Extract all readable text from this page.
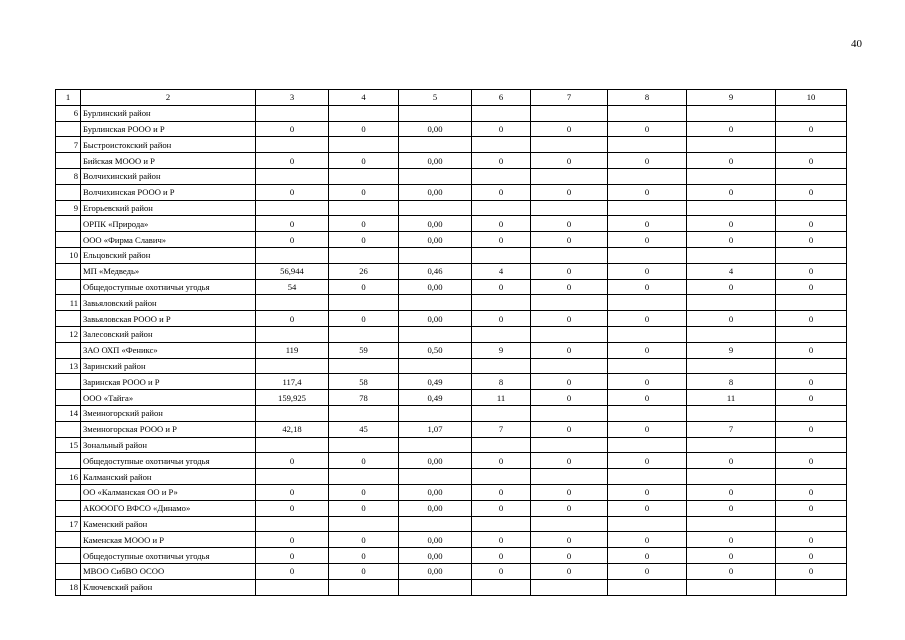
40
1	2	3	4	5	6	7	8	9	10
6	Бурлинский район								
	Бурлинская РООО и Р	0	0	0,00	0	0	0	0	0
7	Быстроистокский район								
	Бийская МООО и Р	0	0	0,00	0	0	0	0	0
8	Волчихинский район								
	Волчихинская РООО и Р	0	0	0,00	0	0	0	0	0
9	Егорьевский район								
	ОРПК «Природа»	0	0	0,00	0	0	0	0	0
	ООО «Фирма Славич»	0	0	0,00	0	0	0	0	0
10	Ельцовский район								
	МП «Медведь»	56,944	26	0,46	4	0	0	4	0
	Общедоступные охотничьи угодья	54	0	0,00	0	0	0	0	0
11	Завьяловский район								
	Завьяловская РООО и Р	0	0	0,00	0	0	0	0	0
12	Залесовский район								
	ЗАО ОХП «Феникс»	119	59	0,50	9	0	0	9	0
13	Заринский район								
	Заринская РООО и Р	117,4	58	0,49	8	0	0	8	0
	ООО «Тайга»	159,925	78	0,49	11	0	0	11	0
14	Змеиногорский район								
	Змеиногорская РООО и Р	42,18	45	1,07	7	0	0	7	0
15	Зональный район								
	Общедоступные охотничьи угодья	0	0	0,00	0	0	0	0	0
16	Калманский район								
	ОО «Калманская ОО и Р»	0	0	0,00	0	0	0	0	0
	АКОООГО ВФСО «Динамо»	0	0	0,00	0	0	0	0	0
17	Каменский район								
	Каменская МООО и Р	0	0	0,00	0	0	0	0	0
	Общедоступные охотничьи угодья	0	0	0,00	0	0	0	0	0
	МВОО СибВО ОСОО	0	0	0,00	0	0	0	0	0
18	Ключевский район								
